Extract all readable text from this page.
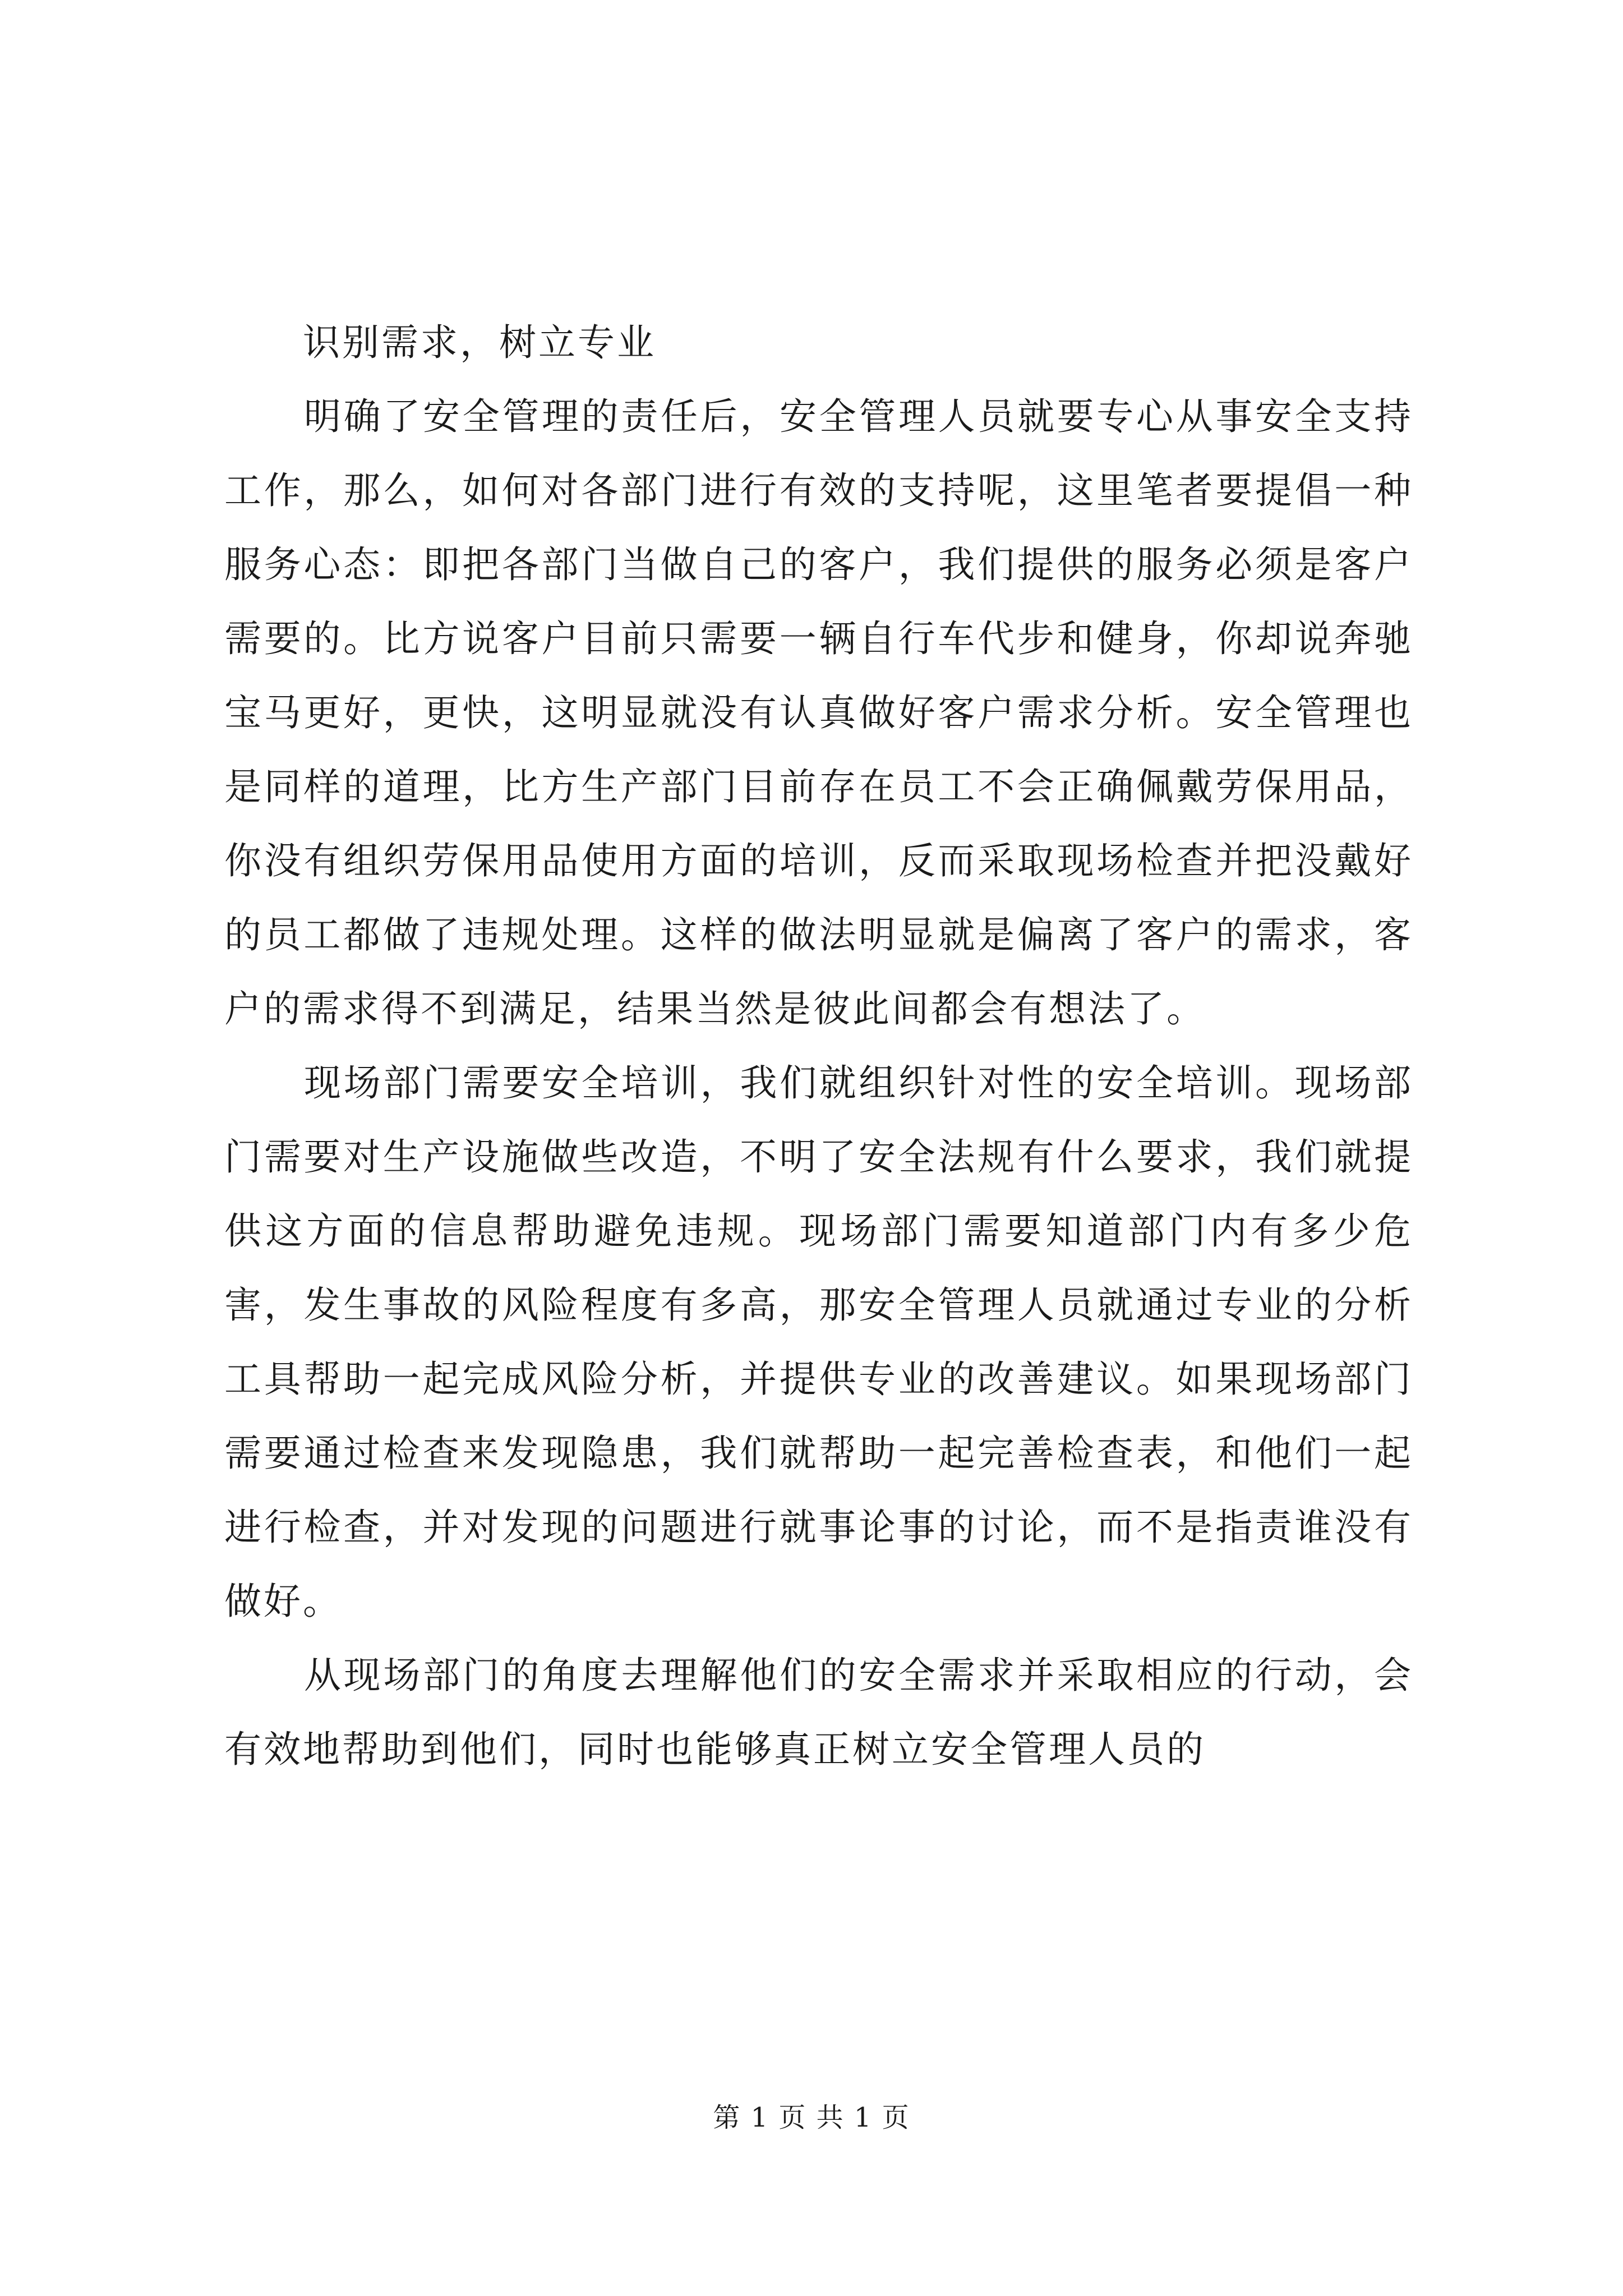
识别需求，树立专业

明确了安全管理的责任后，安全管理人员就要专心从事安全支持工作，那么，如何对各部门进行有效的支持呢，这里笔者要提倡一种服务心态：即把各部门当做自己的客户，我们提供的服务必须是客户需要的。比方说客户目前只需要一辆自行车代步和健身，你却说奔驰宝马更好，更快，这明显就没有认真做好客户需求分析。安全管理也是同样的道理，比方生产部门目前存在员工不会正确佩戴劳保用品，你没有组织劳保用品使用方面的培训，反而采取现场检查并把没戴好的员工都做了违规处理。这样的做法明显就是偏离了客户的需求，客户的需求得不到满足，结果当然是彼此间都会有想法了。

现场部门需要安全培训，我们就组织针对性的安全培训。现场部门需要对生产设施做些改造，不明了安全法规有什么要求，我们就提供这方面的信息帮助避免违规。现场部门需要知道部门内有多少危害，发生事故的风险程度有多高，那安全管理人员就通过专业的分析工具帮助一起完成风险分析，并提供专业的改善建议。如果现场部门需要通过检查来发现隐患，我们就帮助一起完善检查表，和他们一起进行检查，并对发现的问题进行就事论事的讨论，而不是指责谁没有做好。

从现场部门的角度去理解他们的安全需求并采取相应的行动，会有效地帮助到他们，同时也能够真正树立安全管理人员的

第 1 页 共 1 页
